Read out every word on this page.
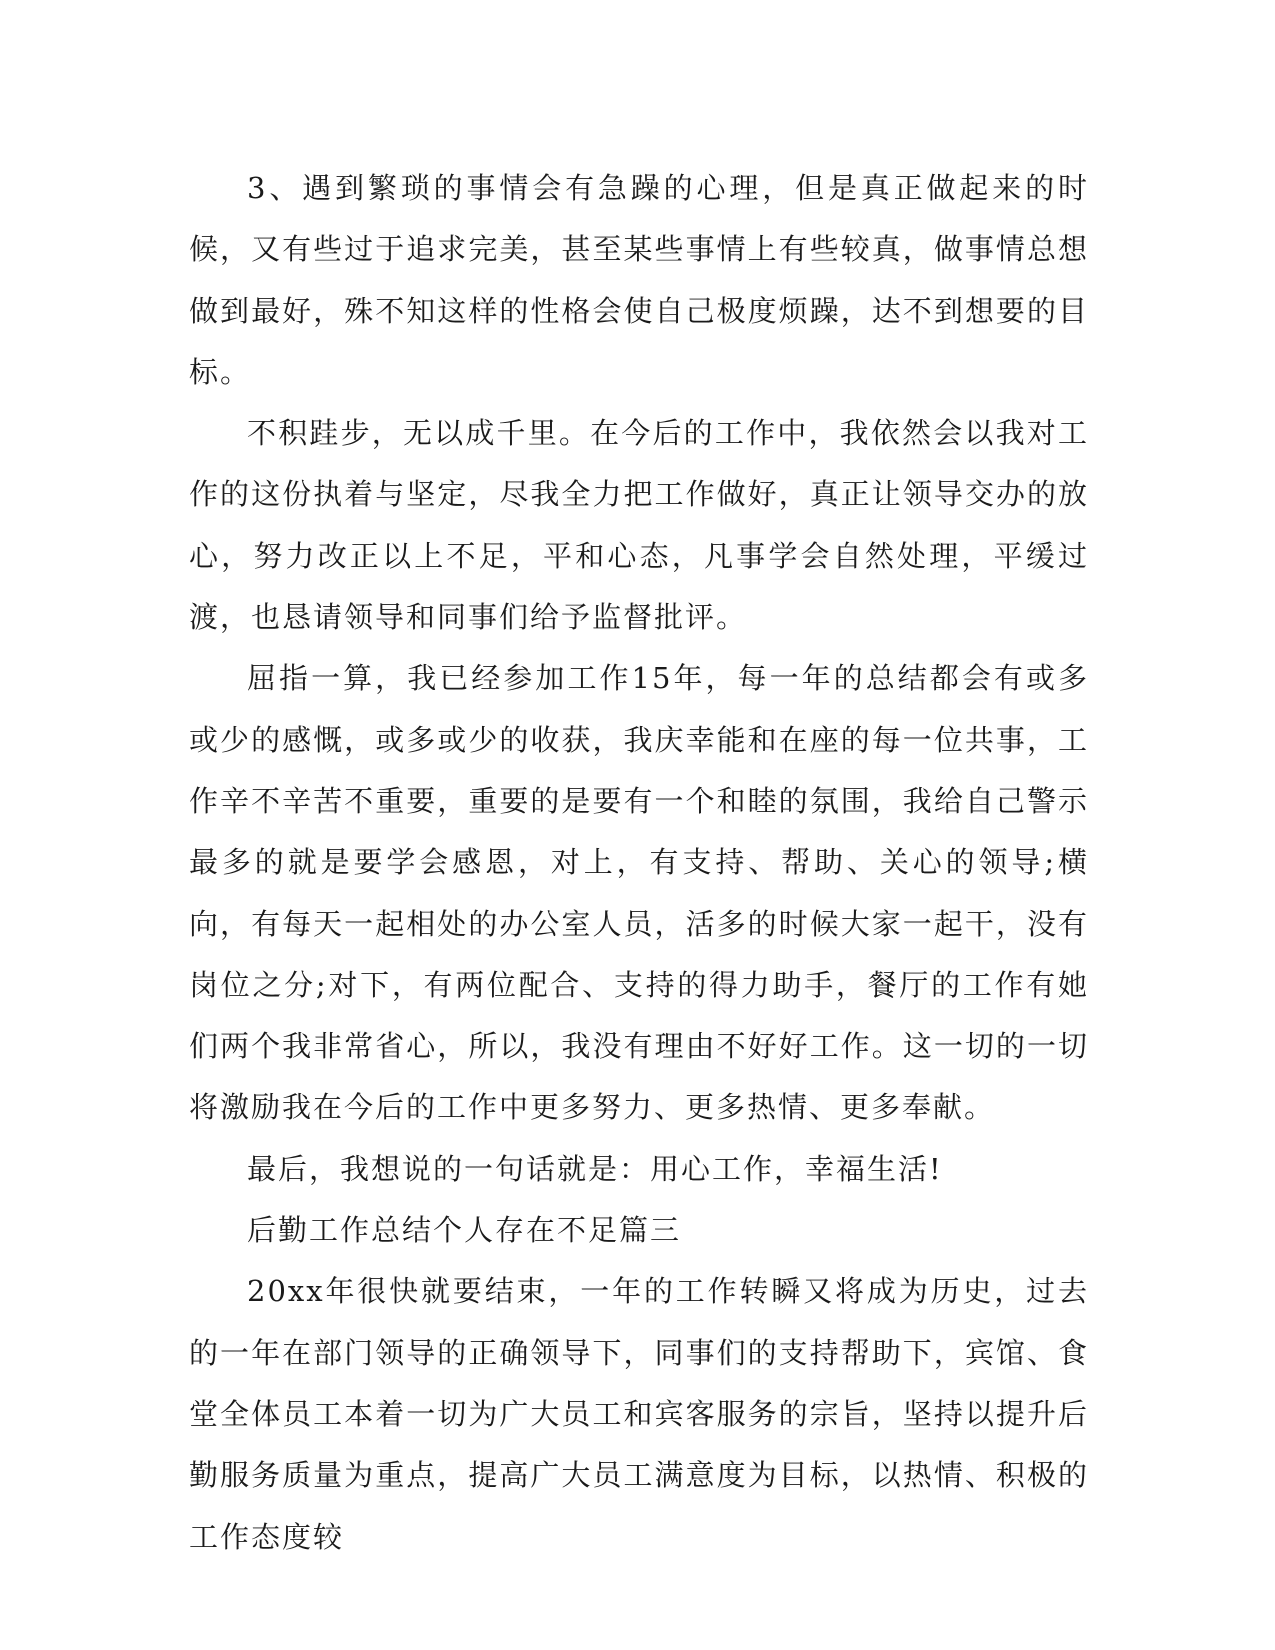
3、遇到繁琐的事情会有急躁的心理，但是真正做起来的时候，又有些过于追求完美，甚至某些事情上有些较真，做事情总想做到最好，殊不知这样的性格会使自己极度烦躁，达不到想要的目标。

不积跬步，无以成千里。在今后的工作中，我依然会以我对工作的这份执着与坚定，尽我全力把工作做好，真正让领导交办的放心，努力改正以上不足，平和心态，凡事学会自然处理，平缓过渡，也恳请领导和同事们给予监督批评。

屈指一算，我已经参加工作15年，每一年的总结都会有或多或少的感慨，或多或少的收获，我庆幸能和在座的每一位共事，工作辛不辛苦不重要，重要的是要有一个和睦的氛围，我给自己警示最多的就是要学会感恩，对上，有支持、帮助、关心的领导;横向，有每天一起相处的办公室人员，活多的时候大家一起干，没有岗位之分;对下，有两位配合、支持的得力助手，餐厅的工作有她们两个我非常省心，所以，我没有理由不好好工作。这一切的一切将激励我在今后的工作中更多努力、更多热情、更多奉献。

最后，我想说的一句话就是：用心工作，幸福生活!

后勤工作总结个人存在不足篇三

20xx年很快就要结束，一年的工作转瞬又将成为历史，过去的一年在部门领导的正确领导下，同事们的支持帮助下，宾馆、食堂全体员工本着一切为广大员工和宾客服务的宗旨，坚持以提升后勤服务质量为重点，提高广大员工满意度为目标，以热情、积极的工作态度较
